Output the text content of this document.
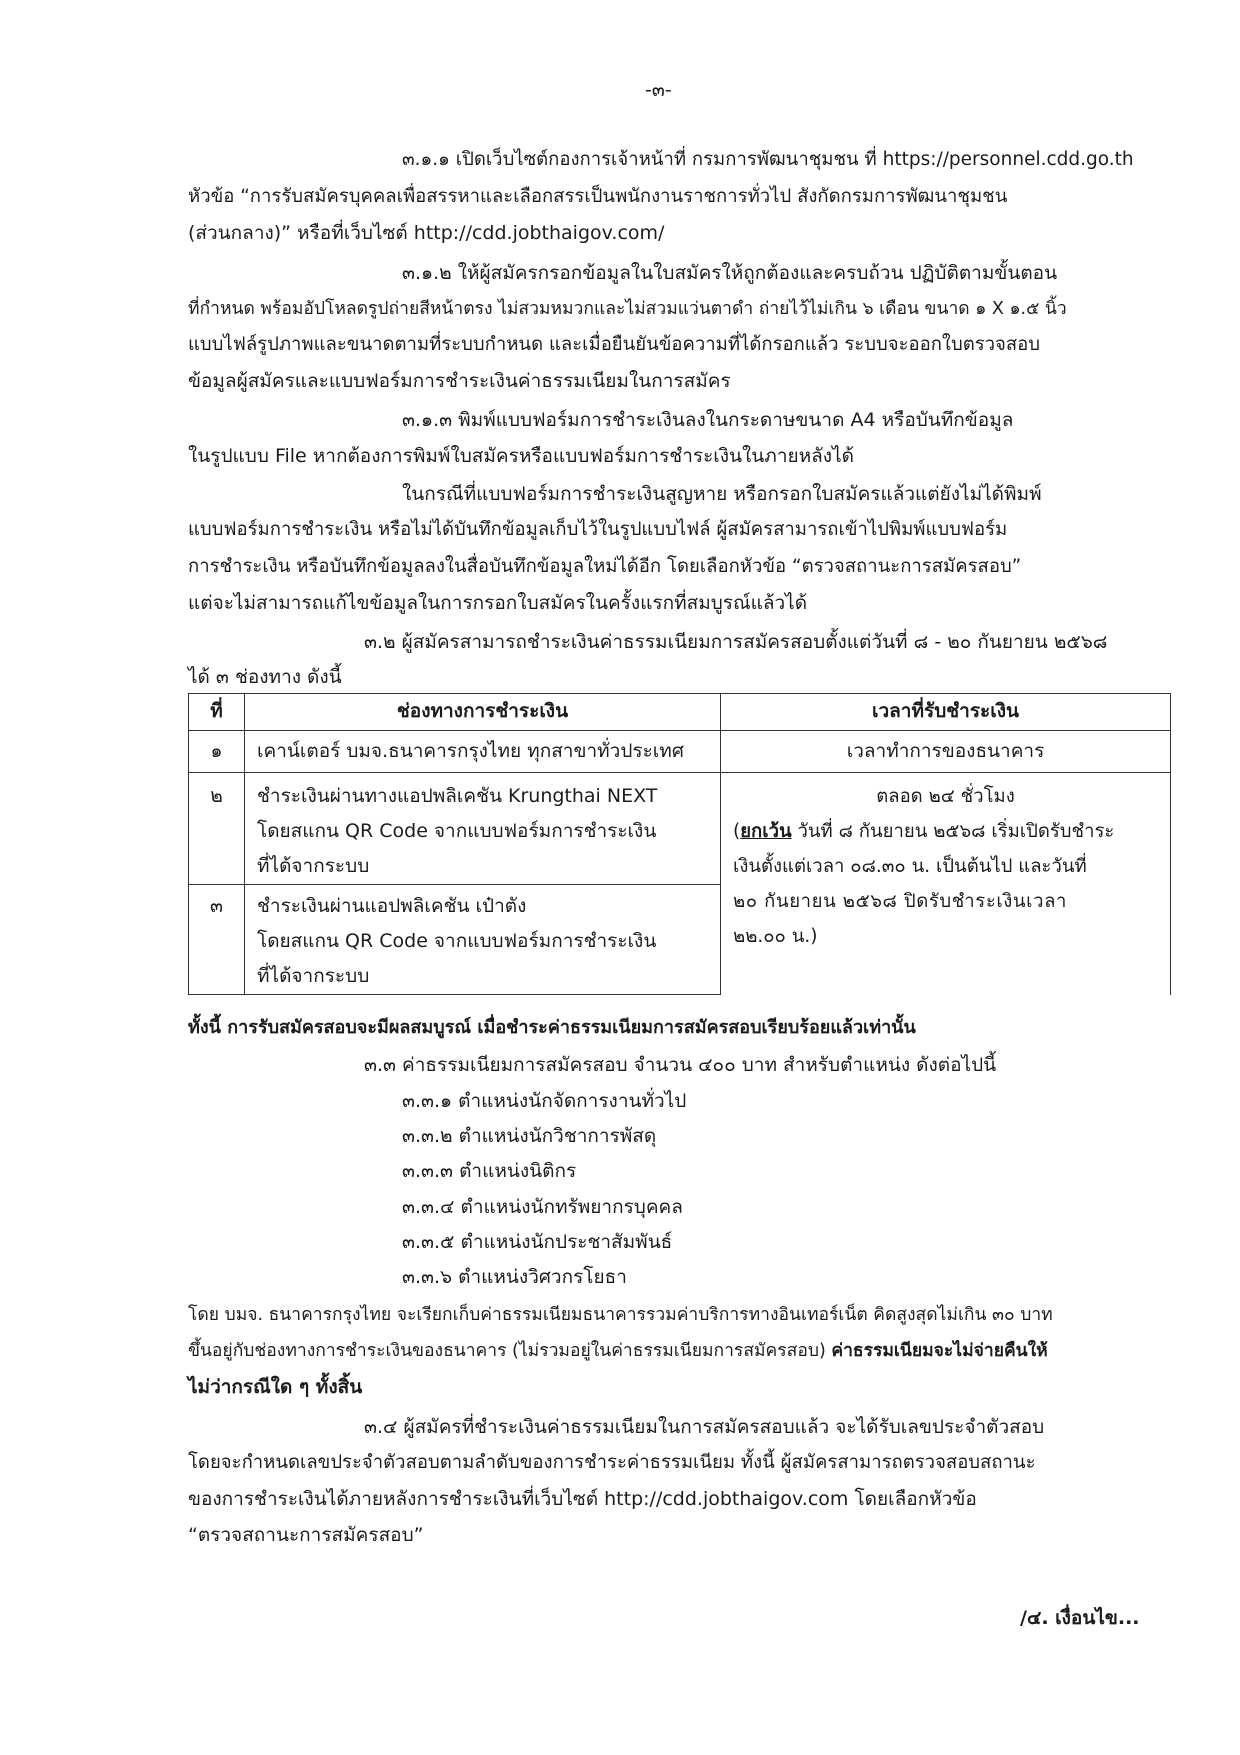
-๓-
๓.๑.๑ เปิดเว็บไซต์กองการเจ้าหน้าที่ กรมการพัฒนาชุมชน ที่ https://personnel.cdd.go.th
หัวข้อ “การรับสมัครบุคคลเพื่อสรรหาและเลือกสรรเป็นพนักงานราชการทั่วไป สังกัดกรมการพัฒนาชุมชน
(ส่วนกลาง)” หรือที่เว็บไซต์ http://cdd.jobthaigov.com/
๓.๑.๒ ให้ผู้สมัครกรอกข้อมูลในใบสมัครให้ถูกต้องและครบถ้วน ปฏิบัติตามขั้นตอน
ที่กำหนด พร้อมอัปโหลดรูปถ่ายสีหน้าตรง ไม่สวมหมวกและไม่สวมแว่นตาดำ ถ่ายไว้ไม่เกิน ๖ เดือน ขนาด ๑ X ๑.๕ นิ้ว
แบบไฟล์รูปภาพและขนาดตามที่ระบบกำหนด และเมื่อยืนยันข้อความที่ได้กรอกแล้ว ระบบจะออกใบตรวจสอบ
ข้อมูลผู้สมัครและแบบฟอร์มการชำระเงินค่าธรรมเนียมในการสมัคร
๓.๑.๓ พิมพ์แบบฟอร์มการชำระเงินลงในกระดาษขนาด A4 หรือบันทึกข้อมูล
ในรูปแบบ File หากต้องการพิมพ์ใบสมัครหรือแบบฟอร์มการชำระเงินในภายหลังได้
ในกรณีที่แบบฟอร์มการชำระเงินสูญหาย หรือกรอกใบสมัครแล้วแต่ยังไม่ได้พิมพ์
แบบฟอร์มการชำระเงิน หรือไม่ได้บันทึกข้อมูลเก็บไว้ในรูปแบบไฟล์ ผู้สมัครสามารถเข้าไปพิมพ์แบบฟอร์ม
การชำระเงิน หรือบันทึกข้อมูลลงในสื่อบันทึกข้อมูลใหม่ได้อีก โดยเลือกหัวข้อ “ตรวจสถานะการสมัครสอบ”
แต่จะไม่สามารถแก้ไขข้อมูลในการกรอกใบสมัครในครั้งแรกที่สมบูรณ์แล้วได้
๓.๒ ผู้สมัครสามารถชำระเงินค่าธรรมเนียมการสมัครสอบตั้งแต่วันที่ ๘ - ๒๐ กันยายน ๒๕๖๘
ได้ ๓ ช่องทาง ดังนี้
ที่	ช่องทางการชำระเงิน	เวลาที่รับชำระเงิน
๑	เคาน์เตอร์ บมจ.ธนาคารกรุงไทย ทุกสาขาทั่วประเทศ	เวลาทำการของธนาคาร
๒	ชำระเงินผ่านทางแอปพลิเคชัน Krungthai NEXT
โดยสแกน QR Code จากแบบฟอร์มการชำระเงิน
ที่ได้จากระบบ	ตลอด ๒๔ ชั่วโมง
(ยกเว้น วันที่ ๘ กันยายน ๒๕๖๘ เริ่มเปิดรับชำระ
เงินตั้งแต่เวลา ๐๘.๓๐ น. เป็นต้นไป และวันที่
๒๐ กันยายน ๒๕๖๘ ปิดรับชำระเงินเวลา
๒๒.๐๐ น.)

๓	ชำระเงินผ่านแอปพลิเคชัน เป๋าตัง
โดยสแกน QR Code จากแบบฟอร์มการชำระเงิน
ที่ได้จากระบบ	
ทั้งนี้ การรับสมัครสอบจะมีผลสมบูรณ์ เมื่อชำระค่าธรรมเนียมการสมัครสอบเรียบร้อยแล้วเท่านั้น
๓.๓ ค่าธรรมเนียมการสมัครสอบ จำนวน ๔๐๐ บาท สำหรับตำแหน่ง ดังต่อไปนี้
๓.๓.๑ ตำแหน่งนักจัดการงานทั่วไป
๓.๓.๒ ตำแหน่งนักวิชาการพัสดุ
๓.๓.๓ ตำแหน่งนิติกร
๓.๓.๔ ตำแหน่งนักทรัพยากรบุคคล
๓.๓.๕ ตำแหน่งนักประชาสัมพันธ์
๓.๓.๖ ตำแหน่งวิศวกรโยธา
โดย บมจ. ธนาคารกรุงไทย จะเรียกเก็บค่าธรรมเนียมธนาคารรวมค่าบริการทางอินเทอร์เน็ต คิดสูงสุดไม่เกิน ๓๐ บาท
ขึ้นอยู่กับช่องทางการชำระเงินของธนาคาร (ไม่รวมอยู่ในค่าธรรมเนียมการสมัครสอบ) ค่าธรรมเนียมจะไม่จ่ายคืนให้
ไม่ว่ากรณีใด ๆ ทั้งสิ้น
๓.๔ ผู้สมัครที่ชำระเงินค่าธรรมเนียมในการสมัครสอบแล้ว จะได้รับเลขประจำตัวสอบ
โดยจะกำหนดเลขประจำตัวสอบตามลำดับของการชำระค่าธรรมเนียม ทั้งนี้ ผู้สมัครสามารถตรวจสอบสถานะ
ของการชำระเงินได้ภายหลังการชำระเงินที่เว็บไซต์ http://cdd.jobthaigov.com โดยเลือกหัวข้อ
“ตรวจสถานะการสมัครสอบ”
/๔. เงื่อนไข...
